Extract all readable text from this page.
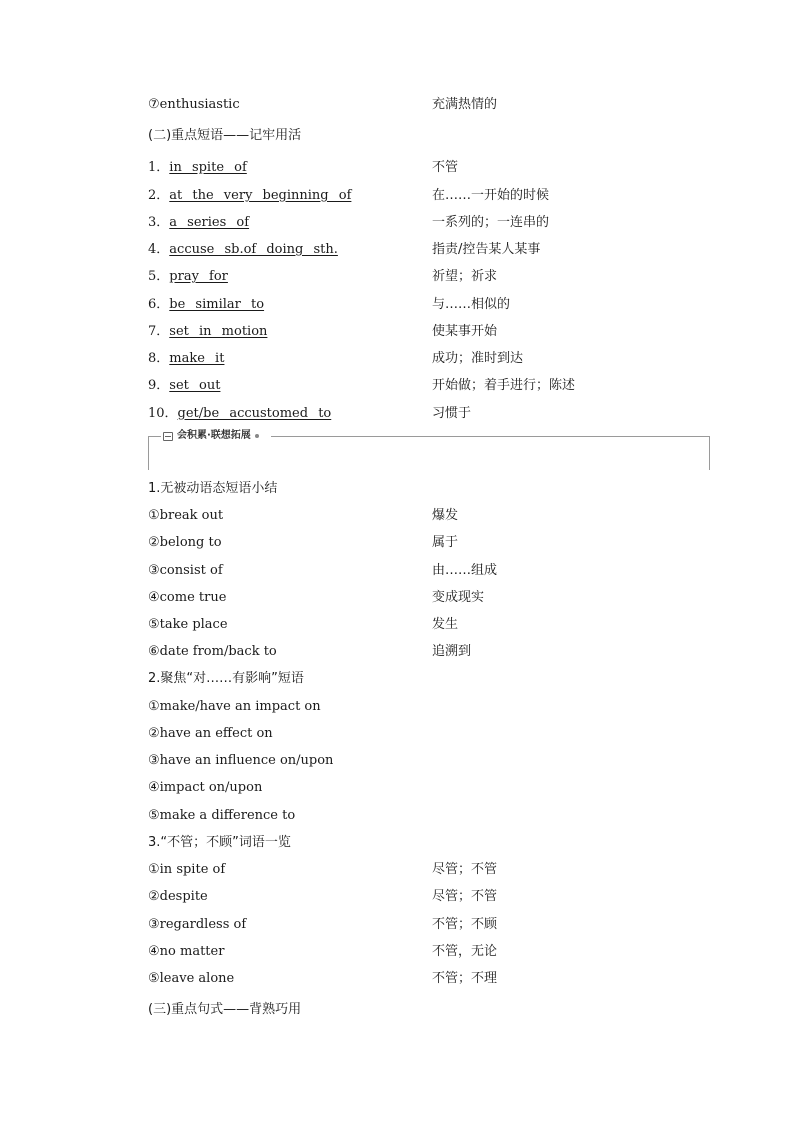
⑦enthusiastic	充满热情的
(二)重点短语——记牢用活
1．in spite of	不管
2．at the very beginning of	在……一开始的时候
3．a series of	一系列的；一连串的
4．accuse sb.of doing sth.	指责/控告某人某事
5．pray for	祈望；祈求
6．be similar to	与……相似的
7．set in motion	使某事开始
8．make it	成功；准时到达
9．set out	开始做；着手进行；陈述
10．get/be accustomed to	习惯于
会积累·联想拓展
1.无被动语态短语小结
①break out	爆发
②belong to	属于
③consist of	由……组成
④come true	变成现实
⑤take place	发生
⑥date from/back to	追溯到
2.聚焦“对……有影响”短语
①make/have an impact on
②have an effect on
③have an influence on/upon
④impact on/upon
⑤make a difference to
3.“不管；不顾”词语一览
①in spite of	尽管；不管
②despite	尽管；不管
③regardless of	不管；不顾
④no matter	不管，无论
⑤leave alone	不管；不理
(三)重点句式——背熟巧用
